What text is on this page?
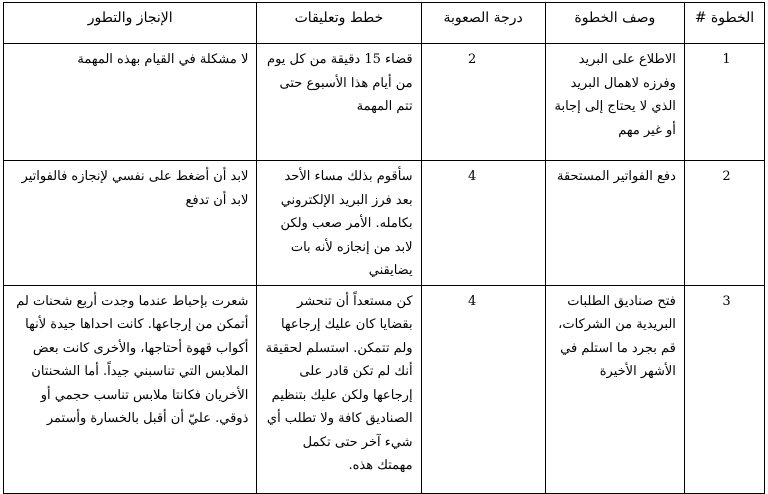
الخطوة #	وصف الخطوة	درجة الصعوبة	خطط وتعليقات	الإنجاز والتطور
1	الاطلاع على البريد وفرزه لاهمال البريد الذي لا يحتاج إلى إجابة أو غير مهم	2	قضاء 15 دقيقة من كل يوم من أيام هذا الأسبوع حتى تتم المهمة	لا مشكلة في القيام بهذه المهمة
2	دفع الفواتير المستحقة	4	سأقوم بذلك مساء الأحد بعد فرز البريد الإلكتروني بكامله. الأمر صعب ولكن لابد من إنجازه لأنه بات يضايقني	لابد أن أضغط على نفسي لإنجازه فالفواتير لابد أن تدفع
3	فتح صناديق الطلبات البريدية من الشركات، قم بجرد ما استلم في الأشهر الأخيرة	4	كن مستعداً أن تنحشر بقضايا كان عليك إرجاعها ولم تتمكن. استسلم لحقيقة أنك لم تكن قادر على إرجاعها ولكن عليك بتنظيم الصناديق كافة ولا تطلب أي شيء آخر حتى تكمل مهمتك هذه.	شعرت بإحباط عندما وجدت أربع شحنات لم أتمكن من إرجاعها. كانت احداها جيدة لأنها أكواب قهوة أحتاجها، والأخرى كانت بعض الملابس التي تناسبني جيداً. أما الشحنتان الأخريان فكانتا ملابس تناسب حجمي أو ذوقي. عليّ أن أقبل بالخسارة وأستمر
